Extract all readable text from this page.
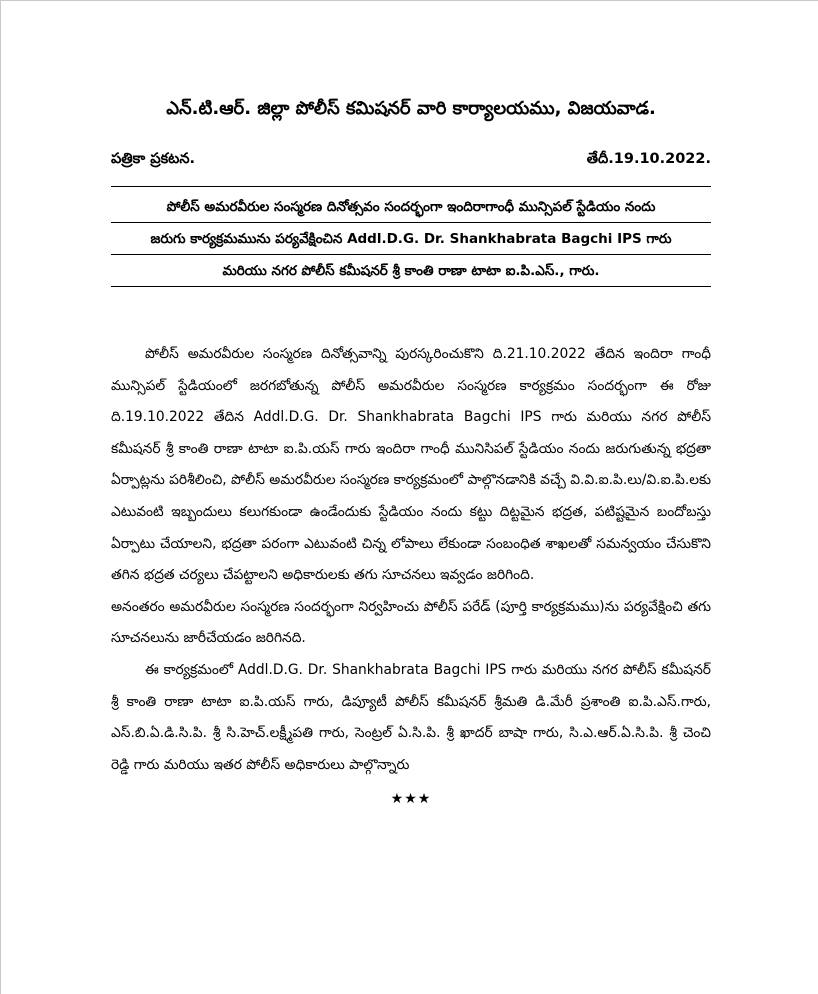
ఎన్.టి.ఆర్. జిల్లా పోలీస్ కమిషనర్ వారి కార్యాలయము, విజయవాడ.
పత్రికా ప్రకటన.	తేదీ.19.10.2022.
పోలీస్ అమరవీరుల సంస్మరణ దినోత్సవం సందర్భంగా ఇందిరాగాంధీ మున్సిపల్ స్టేడియం నందు
జరుగు కార్యక్రమమును పర్యవేక్షించిన Addl.D.G. Dr. Shankhabrata Bagchi IPS గారు
మరియు నగర పోలీస్ కమీషనర్ శ్రీ కాంతి రాణా టాటా ఐ.పి.ఎస్., గారు.

పోలీస్ అమరవీరుల సంస్మరణ దినోత్సవాన్ని పురస్కరించుకొని ది.21.10.2022 తేదిన ఇందిరా గాంధీ మున్సిపల్ స్టేడియంలో జరగబోతున్న పోలీస్ అమరవీరుల సంస్మరణ కార్యక్రమం సందర్భంగా ఈ రోజు ది.19.10.2022 తేదిన Addl.D.G. Dr. Shankhabrata Bagchi IPS గారు మరియు నగర పోలీస్ కమీషనర్ శ్రీ కాంతి రాణా టాటా ఐ.పి.యస్ గారు ఇందిరా గాంధీ మునిసిపల్ స్టేడియం నందు జరుగుతున్న భద్రతా ఏర్పాట్లను పరిశీలించి, పోలీస్ అమరవీరుల సంస్మరణ కార్యక్రమంలో పాల్గొనడానికి వచ్చే వి.వి.ఐ.పి.లు/వి.ఐ.పి.లకు ఎటువంటి ఇబ్బందులు కలుగకుండా ఉండేందుకు స్టేడియం నందు కట్టు దిట్టమైన భద్రత, పటిష్టమైన బందోబస్తు ఏర్పాటు చేయాలని, భద్రతా పరంగా ఎటువంటి చిన్న లోపాలు లేకుండా సంబంధిత శాఖలతో సమన్వయం చేసుకొని తగిన భద్రత చర్యలు చేపట్టాలని అధికారులకు తగు సూచనలు ఇవ్వడం జరిగింది.

అనంతరం అమరవీరుల సంస్మరణ సందర్భంగా నిర్వహించు పోలీస్ పరేడ్ (పూర్తి కార్యక్రమము)ను పర్యవేక్షించి తగు సూచనలును జారీచేయడం జరిగినది.

ఈ కార్యక్రమంలో Addl.D.G. Dr. Shankhabrata Bagchi IPS గారు మరియు నగర పోలీస్ కమీషనర్ శ్రీ కాంతి రాణా టాటా ఐ.పి.యస్ గారు, డిప్యూటీ పోలీస్ కమీషనర్ శ్రీమతి డి.మేరీ ప్రశాంతి ఐ.పి.ఎస్.గారు, ఎస్.బి.ఏ.డి.సి.పి. శ్రీ సి.హెచ్.లక్ష్మీపతి గారు, సెంట్రల్ ఏ.సి.పి. శ్రీ ఖాదర్ బాషా గారు, సి.ఎ.ఆర్.ఏ.సి.పి. శ్రీ చెంచి రెడ్డి గారు మరియు ఇతర పోలీస్ అధికారులు పాల్గొన్నారు

★★★
